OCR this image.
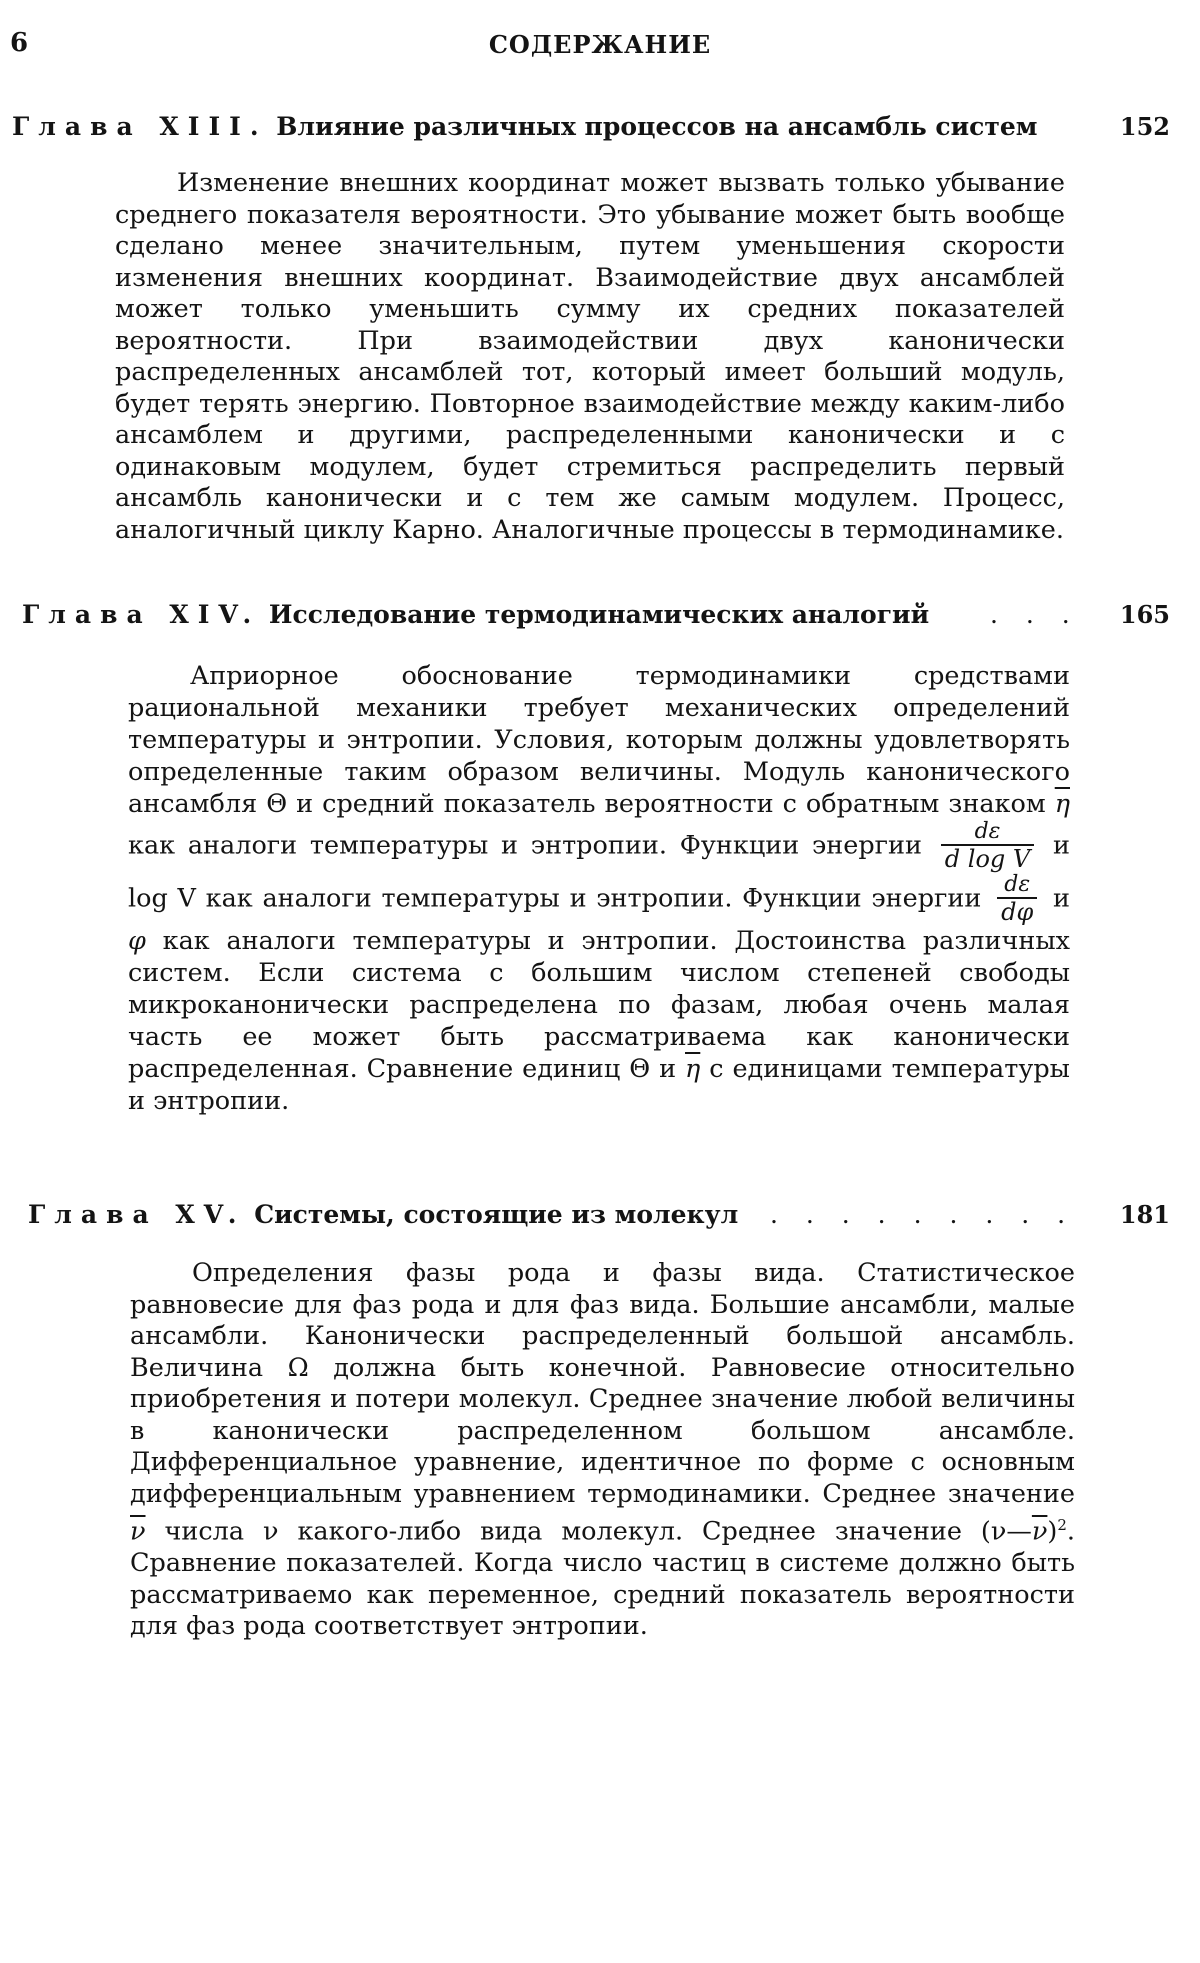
6	СОДЕРЖАНИЕ
Глава XIII. Влияние различных процессов на ансамбль систем	152

Изменение внешних координат может вызвать только убывание среднего показателя вероятности. Это убывание может быть вообще сделано менее значительным, путем уменьшения скорости изменения внешних координат. Взаимодействие двух ансамблей может только уменьшить сумму их средних показателей вероятности. При взаимодействии двух канонически распределенных ансамблей тот, который имеет больший модуль, будет терять энергию. Повторное взаимодействие между каким-либо ансамблем и другими, распределенными канонически и с одинаковым модулем, будет стремиться распределить первый ансамбль канонически и с тем же самым модулем. Процесс, аналогичный циклу Карно. Аналогичные процессы в термодинамике.

Глава XIV. Исследование термодинамических аналогий . . . 165

Априорное обоснование термодинамики средствами рациональной механики требует механических определений температуры и энтропии. Условия, которым должны удовлетворять определенные таким образом величины. Модуль канонического ансамбля Θ и средний показатель вероятности с обратным знаком $\overline{\eta}$ как аналоги температуры и энтропии. Функции энергии $\frac{d\varepsilon}{\text{d log V}}$ и log V как аналоги температуры и энтропии. Функции энергии $\frac{d\varepsilon}{d\varphi}$ и φ как аналоги температуры и энтропии. Достоинства различных систем. Если система с большим числом степеней свободы микроканонически распределена по фазам, любая очень малая часть ее может быть рассматриваема как канонически распределенная. Сравнение единиц Θ и $\overline{\eta}$ с единицами температуры и энтропии.

Глава XV. Системы, состоящие из молекул . . . . . . . . . 181

Определения фазы рода и фазы вида. Статистическое равновесие для фаз рода и для фаз вида. Большие ансамбли, малые ансамбли. Канонически распределенный большой ансамбль. Величина Ω должна быть конечной. Равновесие относительно приобретения и потери молекул. Среднее значение любой величины в канонически распределенном большом ансамбле. Дифференциальное уравнение, идентичное по форме с основным дифференциальным уравнением термодинамики. Среднее значение $\overline{\nu}$ числа ν какого-либо вида молекул. Среднее значение $(\nu—\overline{\nu})^2$. Сравнение показателей. Когда число частиц в системе должно быть рассматриваемо как переменное, средний показатель вероятности для фаз рода соответствует энтропии.
